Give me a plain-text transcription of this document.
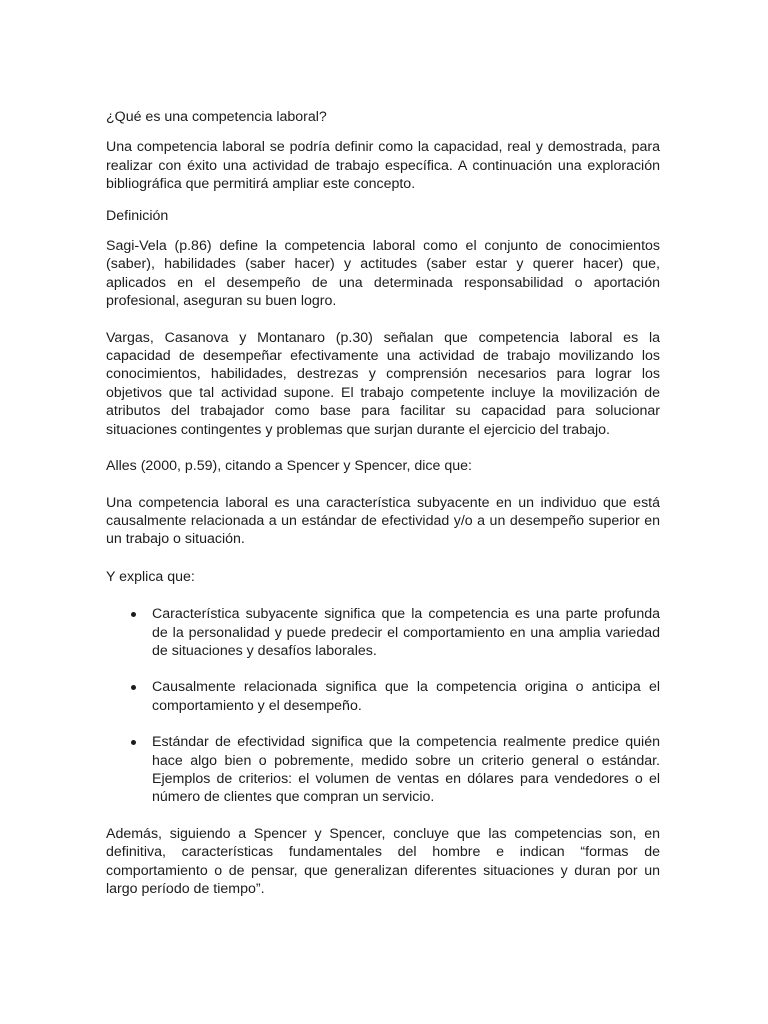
¿Qué es una competencia laboral?

Una competencia laboral se podría definir como la capacidad, real y demostrada, para realizar con éxito una actividad de trabajo específica. A continuación una exploración bibliográfica que permitirá ampliar este concepto.

Definición

Sagi-Vela (p.86) define la competencia laboral como el conjunto de conocimientos (saber), habilidades (saber hacer) y actitudes (saber estar y querer hacer) que, aplicados en el desempeño de una determinada responsabilidad o aportación profesional, aseguran su buen logro.

Vargas, Casanova y Montanaro (p.30) señalan que competencia laboral es la capacidad de desempeñar efectivamente una actividad de trabajo movilizando los conocimientos, habilidades, destrezas y comprensión necesarios para lograr los objetivos que tal actividad supone. El trabajo competente incluye la movilización de atributos del trabajador como base para facilitar su capacidad para solucionar situaciones contingentes y problemas que surjan durante el ejercicio del trabajo.

Alles (2000, p.59), citando a Spencer y Spencer, dice que:

Una competencia laboral es una característica subyacente en un individuo que está causalmente relacionada a un estándar de efectividad y/o a un desempeño superior en un trabajo o situación.

Y explica que:

Característica subyacente significa que la competencia es una parte profunda de la personalidad y puede predecir el comportamiento en una amplia variedad de situaciones y desafíos laborales.
Causalmente relacionada significa que la competencia origina o anticipa el comportamiento y el desempeño.
Estándar de efectividad significa que la competencia realmente predice quién hace algo bien o pobremente, medido sobre un criterio general o estándar. Ejemplos de criterios: el volumen de ventas en dólares para vendedores o el número de clientes que compran un servicio.

Además, siguiendo a Spencer y Spencer, concluye que las competencias son, en definitiva, características fundamentales del hombre e indican “formas de comportamiento o de pensar, que generalizan diferentes situaciones y duran por un largo período de tiempo”.
